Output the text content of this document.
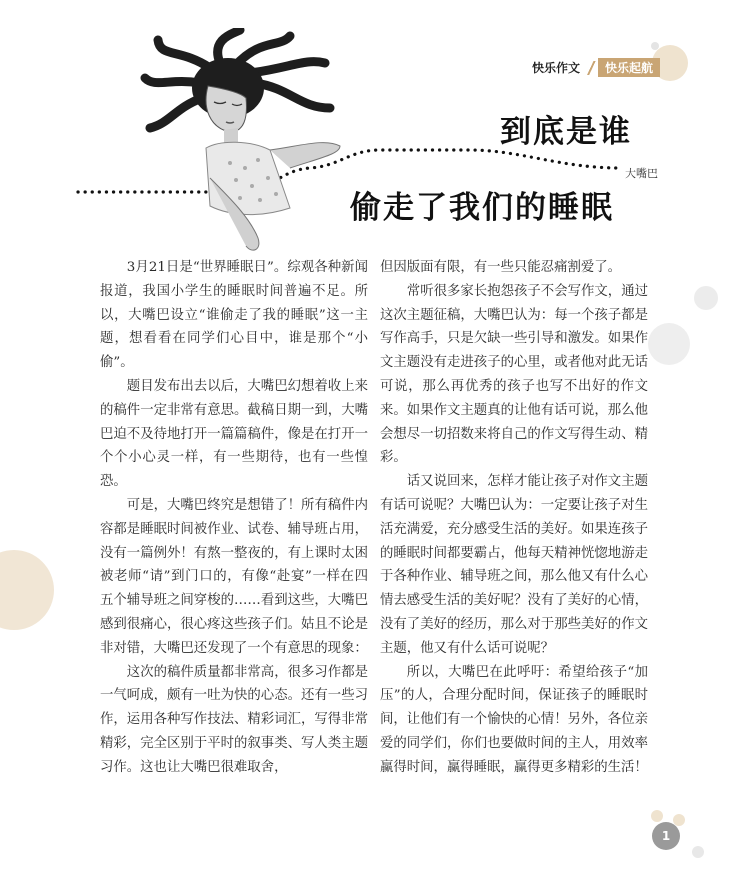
快乐作文	快乐起航
到底是谁
大嘴巴
偷走了我们的睡眠

3月21日是“世界睡眠日”。综观各种新闻报道，我国小学生的睡眠时间普遍不足。所以，大嘴巴设立“谁偷走了我的睡眠”这一主题，想看看在同学们心目中，谁是那个“小偷”。

题目发布出去以后，大嘴巴幻想着收上来的稿件一定非常有意思。截稿日期一到，大嘴巴迫不及待地打开一篇篇稿件，像是在打开一个个小心灵一样，有一些期待，也有一些惶恐。

可是，大嘴巴终究是想错了！所有稿件内容都是睡眠时间被作业、试卷、辅导班占用，没有一篇例外！有熬一整夜的，有上课时太困被老师“请”到门口的，有像“赴宴”一样在四五个辅导班之间穿梭的……看到这些，大嘴巴感到很痛心，很心疼这些孩子们。姑且不论是非对错，大嘴巴还发现了一个有意思的现象：

这次的稿件质量都非常高，很多习作都是一气呵成，颇有一吐为快的心态。还有一些习作，运用各种写作技法、精彩词汇，写得非常精彩，完全区别于平时的叙事类、写人类主题习作。这也让大嘴巴很难取舍，

但因版面有限，有一些只能忍痛割爱了。

常听很多家长抱怨孩子不会写作文，通过这次主题征稿，大嘴巴认为：每一个孩子都是写作高手，只是欠缺一些引导和激发。如果作文主题没有走进孩子的心里，或者他对此无话可说，那么再优秀的孩子也写不出好的作文来。如果作文主题真的让他有话可说，那么他会想尽一切招数来将自己的作文写得生动、精彩。

话又说回来，怎样才能让孩子对作文主题有话可说呢？大嘴巴认为：一定要让孩子对生活充满爱，充分感受生活的美好。如果连孩子的睡眠时间都要霸占，他每天精神恍惚地游走于各种作业、辅导班之间，那么他又有什么心情去感受生活的美好呢？没有了美好的心情，没有了美好的经历，那么对于那些美好的作文主题，他又有什么话可说呢？

所以，大嘴巴在此呼吁：希望给孩子“加压”的人，合理分配时间，保证孩子的睡眠时间，让他们有一个愉快的心情！另外，各位亲爱的同学们，你们也要做时间的主人，用效率赢得时间，赢得睡眠，赢得更多精彩的生活！

1
